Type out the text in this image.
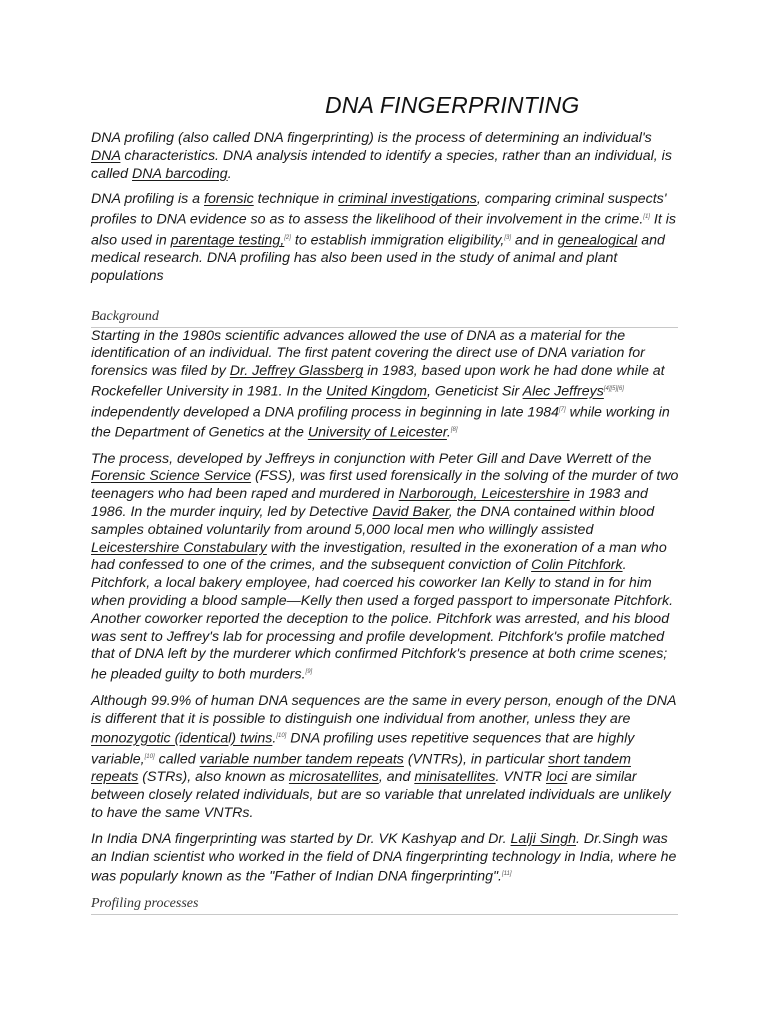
DNA FINGERPRINTING

DNA profiling (also called DNA fingerprinting) is the process of determining an individual's DNA characteristics. DNA analysis intended to identify a species, rather than an individual, is called DNA barcoding.

DNA profiling is a forensic technique in criminal investigations, comparing criminal suspects' profiles to DNA evidence so as to assess the likelihood of their involvement in the crime.[1] It is also used in parentage testing,[2] to establish immigration eligibility,[3] and in genealogical and medical research. DNA profiling has also been used in the study of animal and plant populations

Background

Starting in the 1980s scientific advances allowed the use of DNA as a material for the identification of an individual. The first patent covering the direct use of DNA variation for forensics was filed by Dr. Jeffrey Glassberg in 1983, based upon work he had done while at Rockefeller University in 1981. In the United Kingdom, Geneticist Sir Alec Jeffreys[4][5][6] independently developed a DNA profiling process in beginning in late 1984[7] while working in the Department of Genetics at the University of Leicester.[8]

The process, developed by Jeffreys in conjunction with Peter Gill and Dave Werrett of the Forensic Science Service (FSS), was first used forensically in the solving of the murder of two teenagers who had been raped and murdered in Narborough, Leicestershire in 1983 and 1986. In the murder inquiry, led by Detective David Baker, the DNA contained within blood samples obtained voluntarily from around 5,000 local men who willingly assisted Leicestershire Constabulary with the investigation, resulted in the exoneration of a man who had confessed to one of the crimes, and the subsequent conviction of Colin Pitchfork. Pitchfork, a local bakery employee, had coerced his coworker Ian Kelly to stand in for him when providing a blood sample—Kelly then used a forged passport to impersonate Pitchfork. Another coworker reported the deception to the police. Pitchfork was arrested, and his blood was sent to Jeffrey's lab for processing and profile development. Pitchfork's profile matched that of DNA left by the murderer which confirmed Pitchfork's presence at both crime scenes; he pleaded guilty to both murders.[9]

Although 99.9% of human DNA sequences are the same in every person, enough of the DNA is different that it is possible to distinguish one individual from another, unless they are monozygotic (identical) twins.[10] DNA profiling uses repetitive sequences that are highly variable,[10] called variable number tandem repeats (VNTRs), in particular short tandem repeats (STRs), also known as microsatellites, and minisatellites. VNTR loci are similar between closely related individuals, but are so variable that unrelated individuals are unlikely to have the same VNTRs.

In India DNA fingerprinting was started by Dr. VK Kashyap and Dr. Lalji Singh. Dr.Singh was an Indian scientist who worked in the field of DNA fingerprinting technology in India, where he was popularly known as the "Father of Indian DNA fingerprinting".[11]

Profiling processes
